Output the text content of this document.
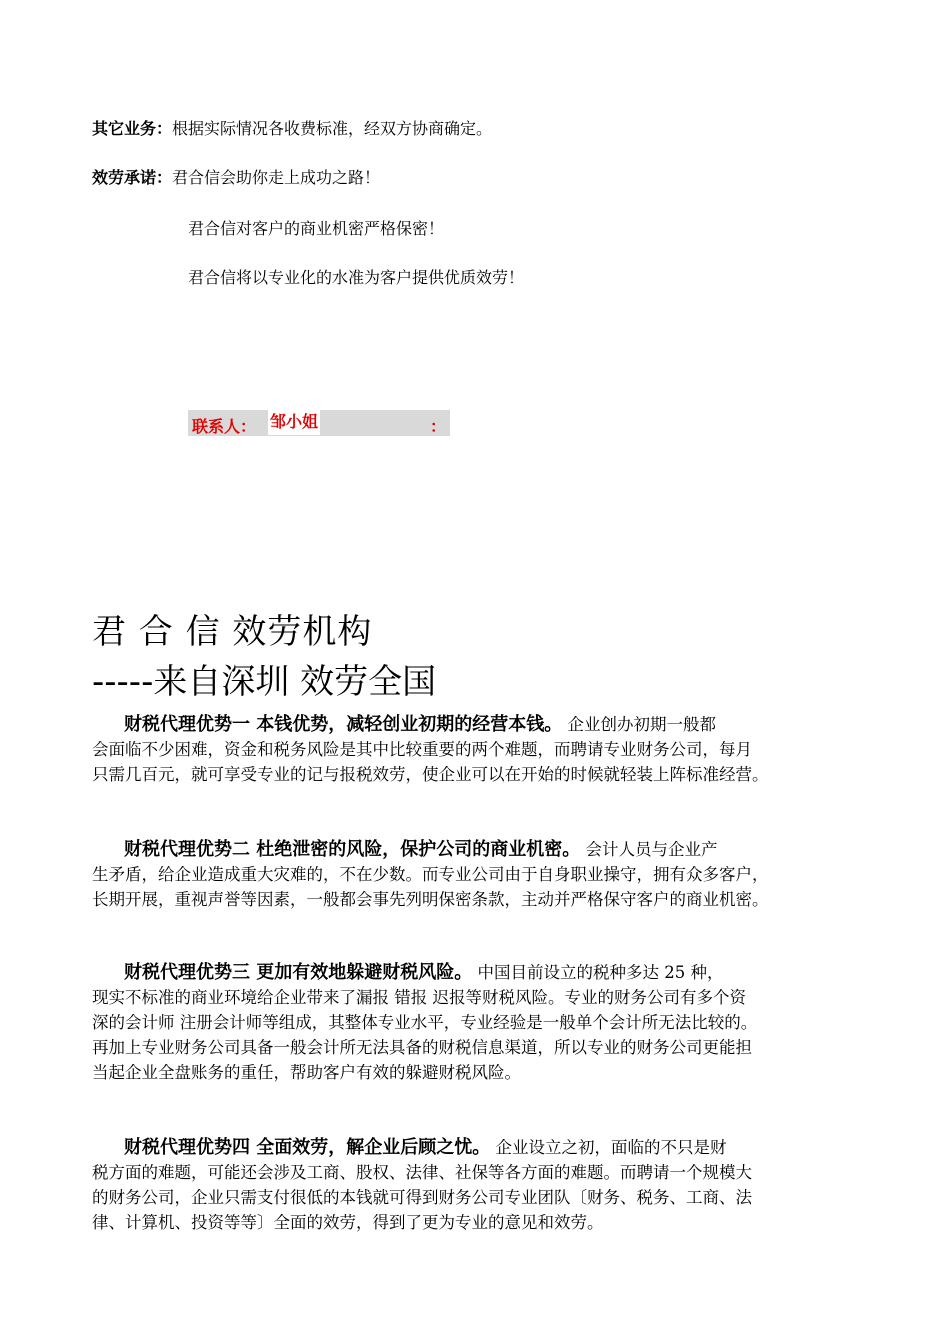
其它业务：根据实际情况各收费标准，经双方协商确定。
效劳承诺：君合信会助你走上成功之路！
君合信对客户的商业机密严格保密！
君合信将以专业化的水准为客户提供优质效劳！
联系人： 邹小姐	：
君 合 信 效劳机构
-----来自深圳 效劳全国
财税代理优势一 本钱优势，减轻创业初期的经营本钱。 企业创办初期一般都
会面临不少困难，资金和税务风险是其中比较重要的两个难题，而聘请专业财务公司，每月
只需几百元，就可享受专业的记与报税效劳，使企业可以在开始的时候就轻装上阵标准经营。
财税代理优势二 杜绝泄密的风险，保护公司的商业机密。 会计人员与企业产
生矛盾，给企业造成重大灾难的，不在少数。而专业公司由于自身职业操守，拥有众多客户，
长期开展，重视声誉等因素，一般都会事先列明保密条款，主动并严格保守客户的商业机密。
财税代理优势三 更加有效地躲避财税风险。 中国目前设立的税种多达 25 种，
现实不标准的商业环境给企业带来了漏报 错报 迟报等财税风险。专业的财务公司有多个资
深的会计师 注册会计师等组成，其整体专业水平，专业经验是一般单个会计所无法比较的。
再加上专业财务公司具备一般会计所无法具备的财税信息渠道，所以专业的财务公司更能担
当起企业全盘账务的重任，帮助客户有效的躲避财税风险。
财税代理优势四 全面效劳，解企业后顾之忧。 企业设立之初，面临的不只是财
税方面的难题，可能还会涉及工商、股权、法律、社保等各方面的难题。而聘请一个规模大
的财务公司，企业只需支付很低的本钱就可得到财务公司专业团队〔财务、税务、工商、法
律、计算机、投资等等〕全面的效劳，得到了更为专业的意见和效劳。
